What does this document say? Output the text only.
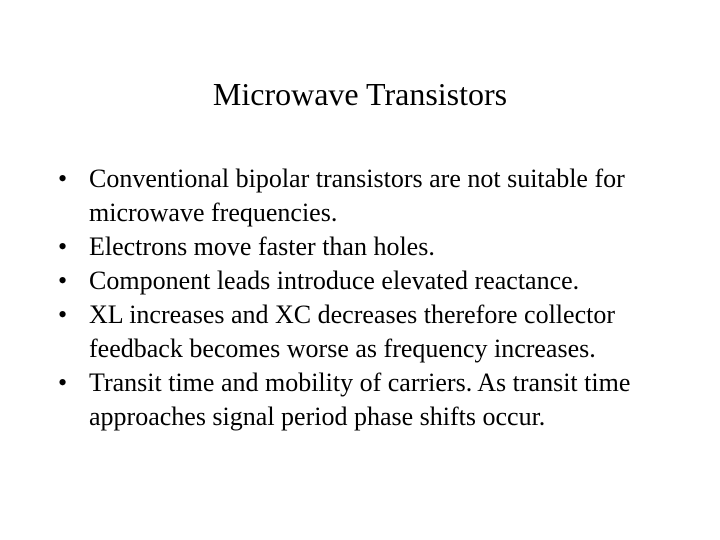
Microwave Transistors
• Conventional bipolar transistors are not suitable for microwave frequencies.
• Electrons move faster than holes.
• Component leads introduce elevated reactance.
• XL increases and XC decreases therefore collector feedback becomes worse as frequency increases.
• Transit time and mobility of carriers. As transit time approaches signal period phase shifts occur.
